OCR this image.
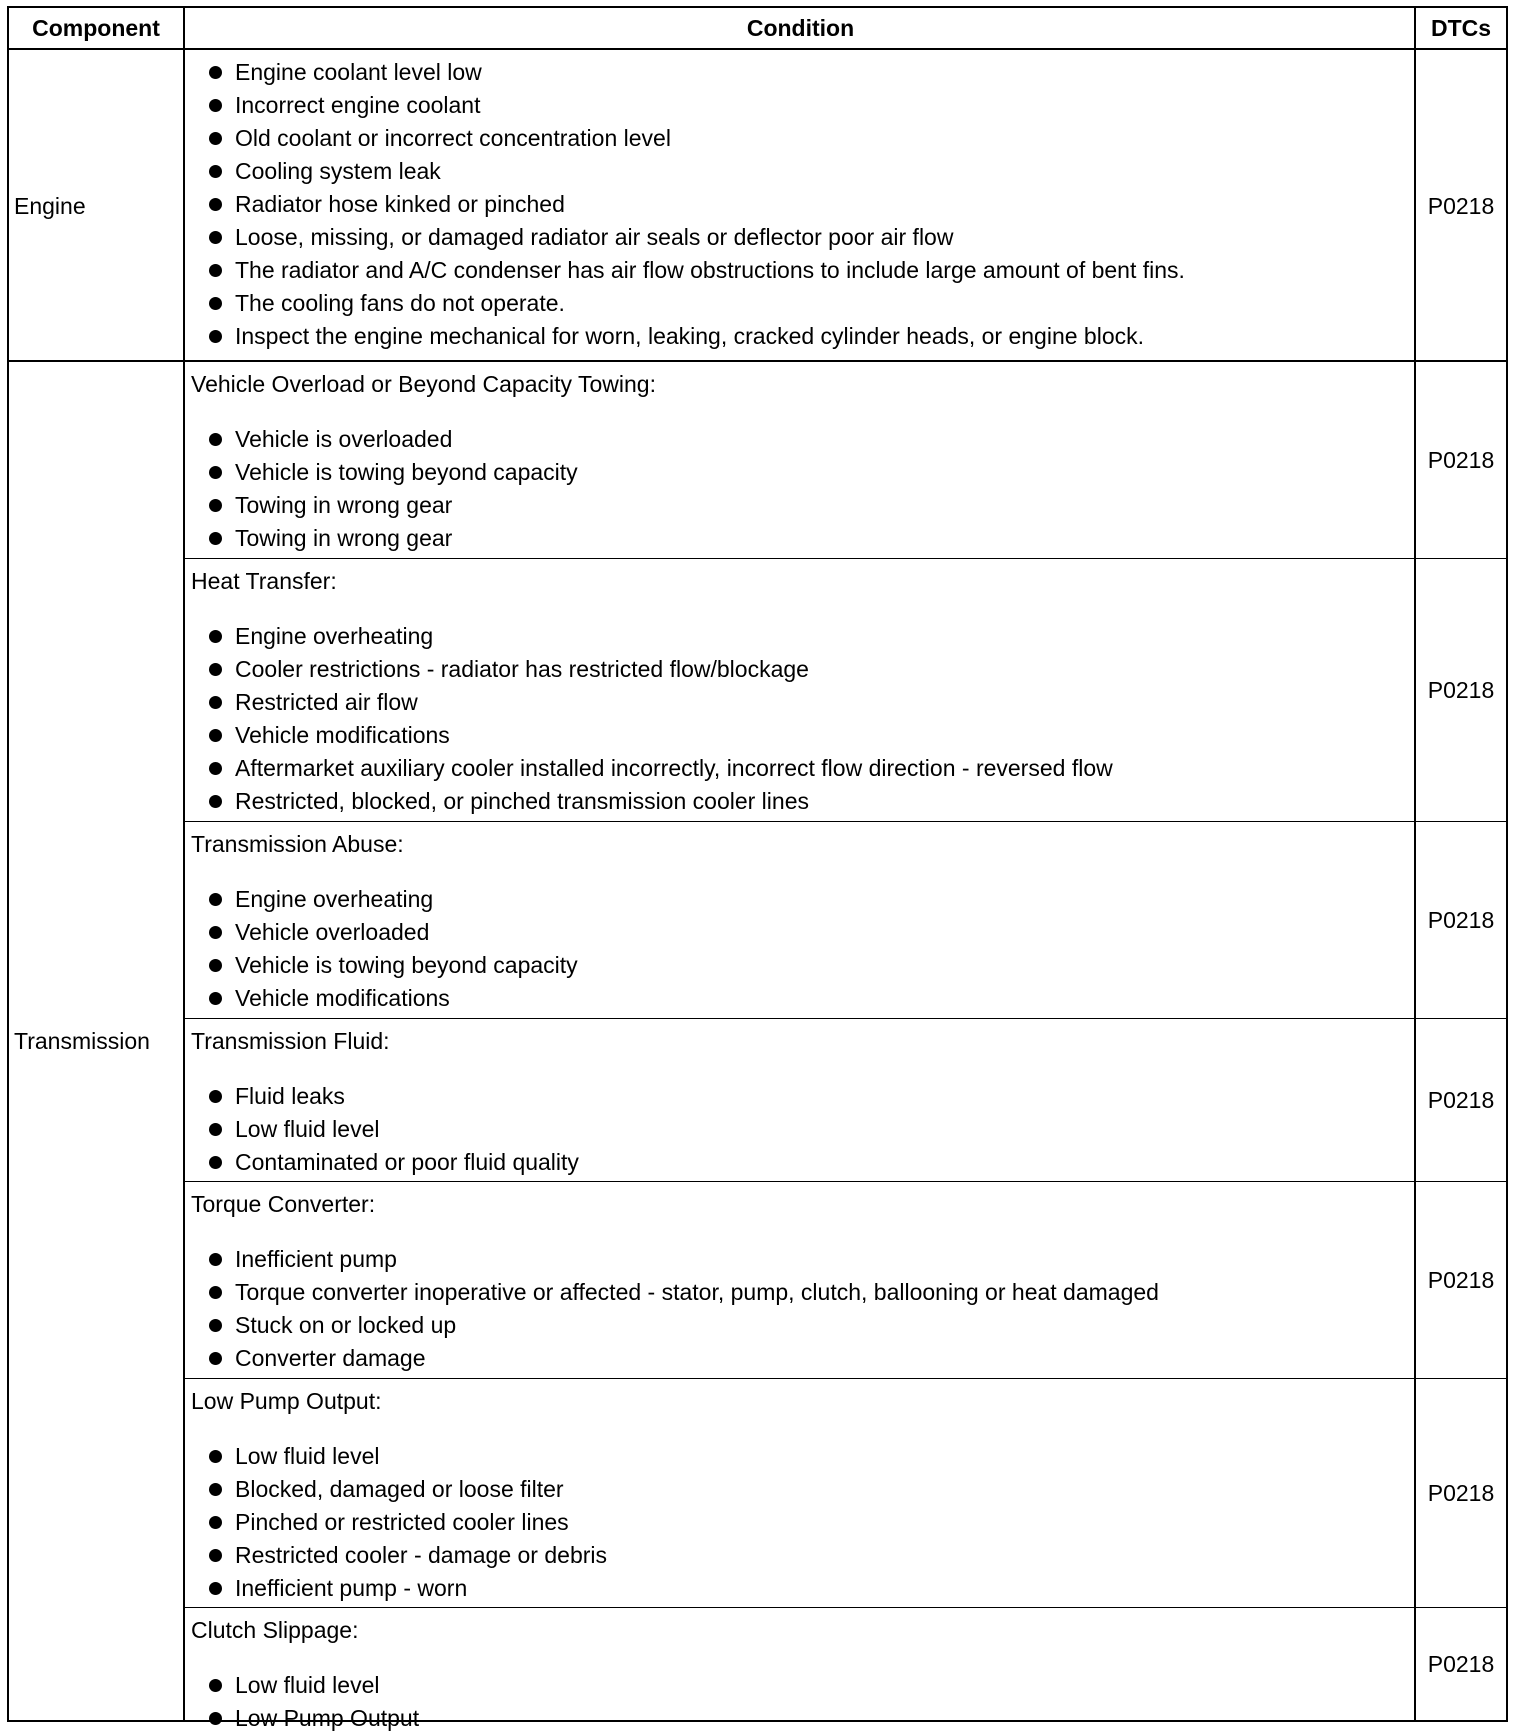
Component	Condition	DTCs
Engine
Engine coolant level low
Incorrect engine coolant
Old coolant or incorrect concentration level
Cooling system leak
Radiator hose kinked or pinched
Loose, missing, or damaged radiator air seals or deflector poor air flow
The radiator and A/C condenser has air flow obstructions to include large amount of bent fins.
The cooling fans do not operate.
Inspect the engine mechanical for worn, leaking, cracked cylinder heads, or engine block.
P0218
Transmission
Vehicle Overload or Beyond Capacity Towing:
Vehicle is overloaded
Vehicle is towing beyond capacity
Towing in wrong gear
Towing in wrong gear
P0218
Heat Transfer:
Engine overheating
Cooler restrictions - radiator has restricted flow/blockage
Restricted air flow
Vehicle modifications
Aftermarket auxiliary cooler installed incorrectly, incorrect flow direction - reversed flow
Restricted, blocked, or pinched transmission cooler lines
P0218
Transmission Abuse:
Engine overheating
Vehicle overloaded
Vehicle is towing beyond capacity
Vehicle modifications
P0218
Transmission Fluid:
Fluid leaks
Low fluid level
Contaminated or poor fluid quality
P0218
Torque Converter:
Inefficient pump
Torque converter inoperative or affected - stator, pump, clutch, ballooning or heat damaged
Stuck on or locked up
Converter damage
P0218
Low Pump Output:
Low fluid level
Blocked, damaged or loose filter
Pinched or restricted cooler lines
Restricted cooler - damage or debris
Inefficient pump - worn
P0218
Clutch Slippage:
Low fluid level
Low Pump Output
P0218
